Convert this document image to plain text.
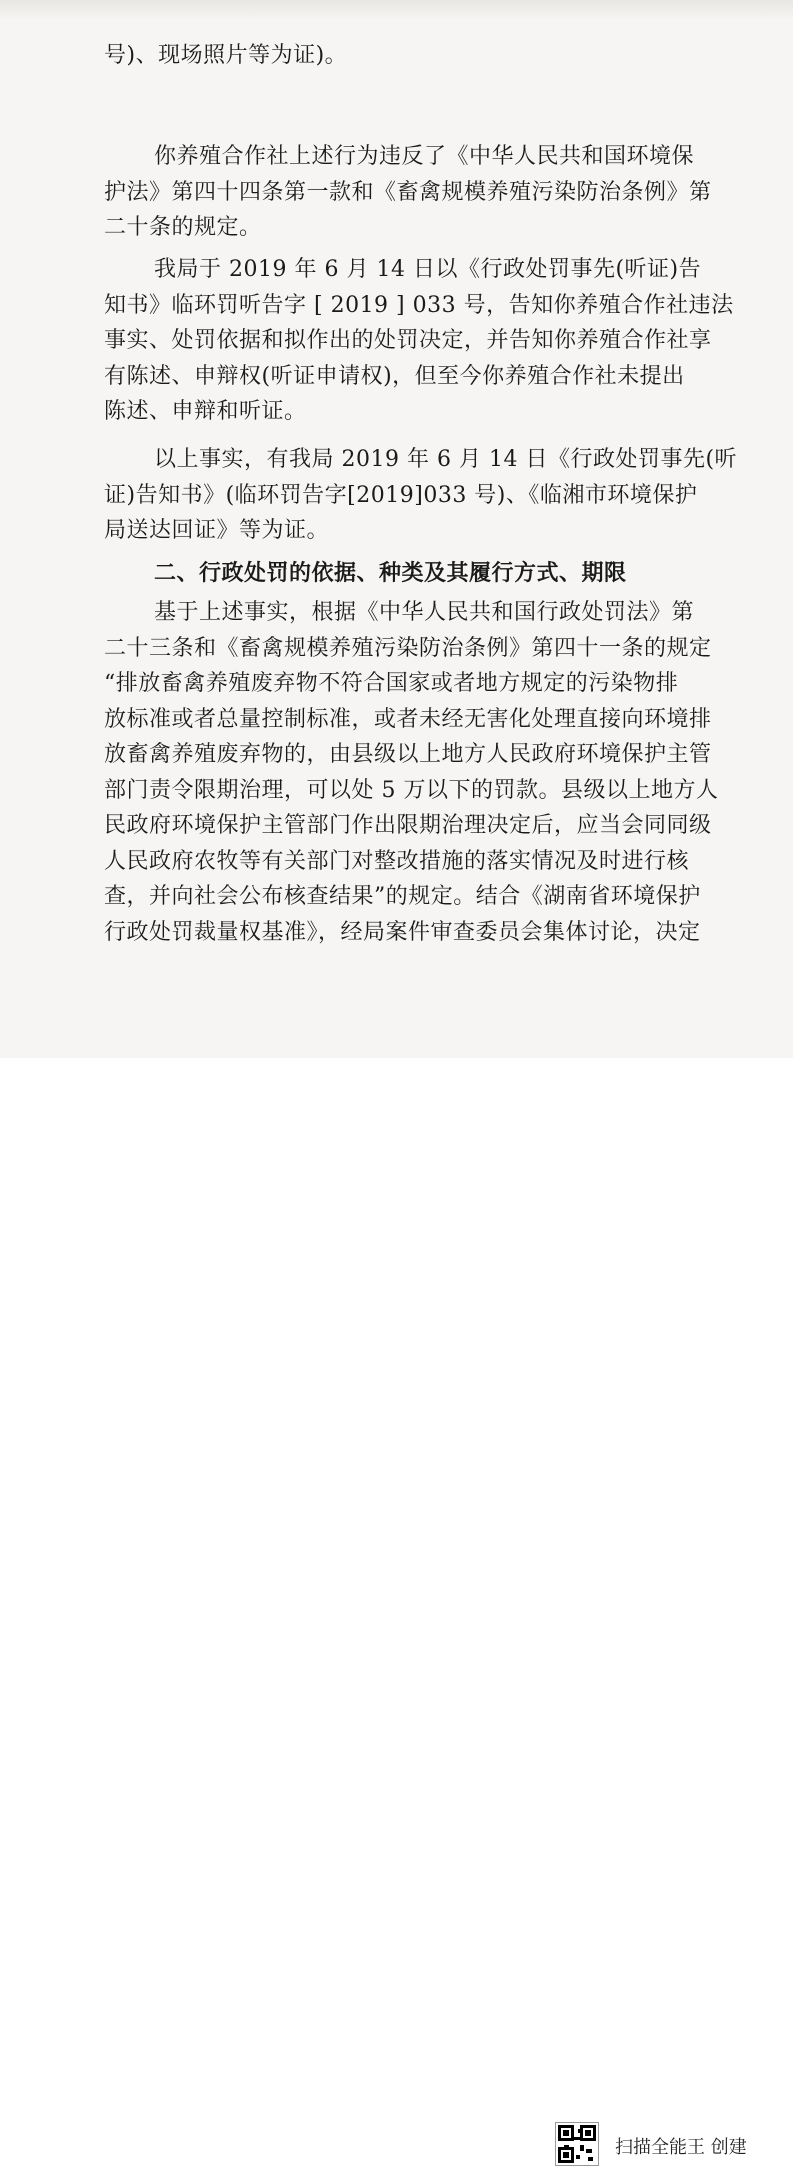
号)、现场照片等为证)。

你养殖合作社上述行为违反了《中华人民共和国环境保
护法》第四十四条第一款和《畜禽规模养殖污染防治条例》第
二十条的规定。

我局于 2019 年 6 月 14 日以《行政处罚事先(听证)告
知书》临环罚听告字 [ 2019 ] 033 号，告知你养殖合作社违法
事实、处罚依据和拟作出的处罚决定，并告知你养殖合作社享
有陈述、申辩权(听证申请权)，但至今你养殖合作社未提出
陈述、申辩和听证。

以上事实，有我局 2019 年 6 月 14 日《行政处罚事先(听
证)告知书》(临环罚告字[2019]033 号)、《临湘市环境保护
局送达回证》等为证。

二、行政处罚的依据、种类及其履行方式、期限

基于上述事实，根据《中华人民共和国行政处罚法》第
二十三条和《畜禽规模养殖污染防治条例》第四十一条的规定
“排放畜禽养殖废弃物不符合国家或者地方规定的污染物排
放标准或者总量控制标准，或者未经无害化处理直接向环境排
放畜禽养殖废弃物的，由县级以上地方人民政府环境保护主管
部门责令限期治理，可以处 5 万以下的罚款。县级以上地方人
民政府环境保护主管部门作出限期治理决定后，应当会同同级
人民政府农牧等有关部门对整改措施的落实情况及时进行核
查，并向社会公布核查结果”的规定。结合《湖南省环境保护
行政处罚裁量权基准》，经局案件审查委员会集体讨论，决定

扫描全能王 创建
